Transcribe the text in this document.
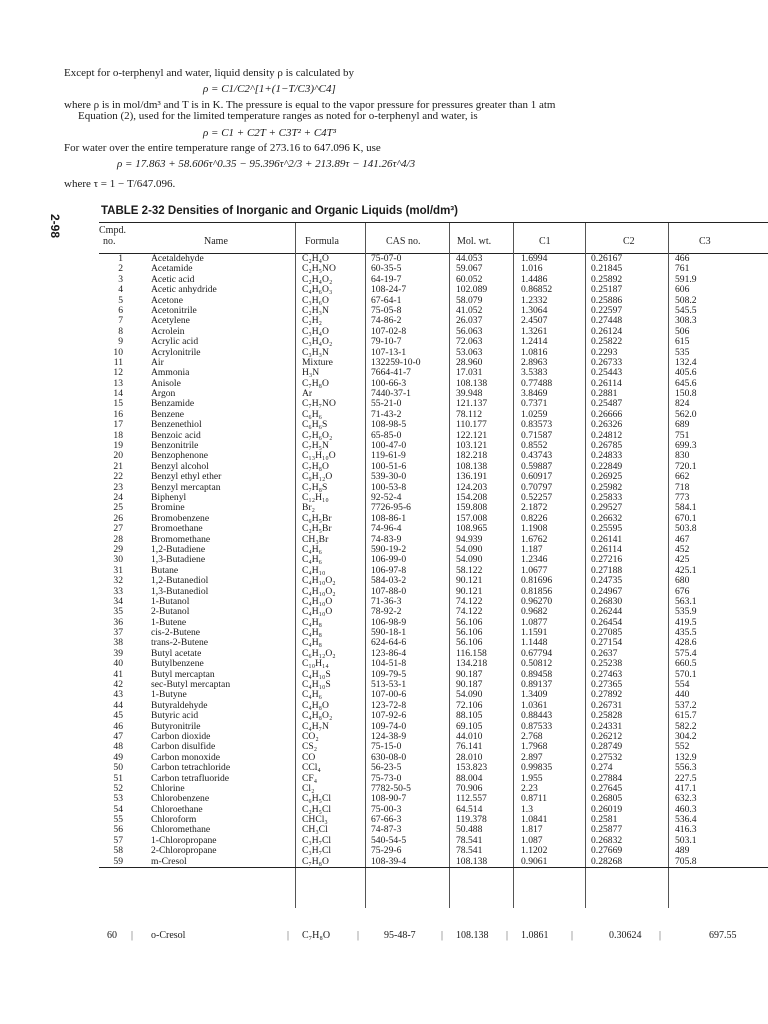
Except for o-terphenyl and water, liquid density ρ is calculated by
ρ = C1/C2^[1+(1−T/C3)^C4]
where ρ is in mol/dm³ and T is in K. The pressure is equal to the vapor pressure for pressures greater than 1 atm
Equation (2), used for the limited temperature ranges as noted for o-terphenyl and water, is
ρ = C1 + C2T + C3T² + C4T³
For water over the entire temperature range of 273.16 to 647.096 K, use
ρ = 17.863 + 58.606τ^0.35 − 95.396τ^2/3 + 213.89τ − 141.26τ^4/3
where τ = 1 − T/647.096.
2-98
TABLE 2-32 Densities of Inorganic and Organic Liquids (mol/dm³)
Cmpd.
no.	Name	Formula	CAS no.	Mol. wt.	C1	C2	C3
1	Acetaldehyde	C₂H₄O	75-07-0	44.053	1.6994	0.26167	466
2	Acetamide	C₂H₅NO	60-35-5	59.067	1.016	0.21845	761
3	Acetic acid	C₂H₄O₂	64-19-7	60.052	1.4486	0.25892	591.9
4	Acetic anhydride	C₄H₆O₃	108-24-7	102.089	0.86852	0.25187	606
5	Acetone	C₃H₆O	67-64-1	58.079	1.2332	0.25886	508.2
6	Acetonitrile	C₂H₃N	75-05-8	41.052	1.3064	0.22597	545.5
7	Acetylene	C₂H₂	74-86-2	26.037	2.4507	0.27448	308.3
8	Acrolein	C₃H₄O	107-02-8	56.063	1.3261	0.26124	506
9	Acrylic acid	C₃H₄O₂	79-10-7	72.063	1.2414	0.25822	615
10	Acrylonitrile	C₃H₃N	107-13-1	53.063	1.0816	0.2293	535
11	Air	Mixture	132259-10-0	28.960	2.8963	0.26733	132.4
12	Ammonia	H₃N	7664-41-7	17.031	3.5383	0.25443	405.6
13	Anisole	C₇H₈O	100-66-3	108.138	0.77488	0.26114	645.6
14	Argon	Ar	7440-37-1	39.948	3.8469	0.2881	150.8
15	Benzamide	C₇H₇NO	55-21-0	121.137	0.7371	0.25487	824
16	Benzene	C₆H₆	71-43-2	78.112	1.0259	0.26666	562.0
17	Benzenethiol	C₆H₆S	108-98-5	110.177	0.83573	0.26326	689
18	Benzoic acid	C₇H₆O₂	65-85-0	122.121	0.71587	0.24812	751
19	Benzonitrile	C₇H₅N	100-47-0	103.121	0.8552	0.26785	699.3
20	Benzophenone	C₁₃H₁₀O	119-61-9	182.218	0.43743	0.24833	830
21	Benzyl alcohol	C₇H₈O	100-51-6	108.138	0.59887	0.22849	720.1
22	Benzyl ethyl ether	C₉H₁₂O	539-30-0	136.191	0.60917	0.26925	662
23	Benzyl mercaptan	C₇H₈S	100-53-8	124.203	0.70797	0.25982	718
24	Biphenyl	C₁₂H₁₀	92-52-4	154.208	0.52257	0.25833	773
25	Bromine	Br₂	7726-95-6	159.808	2.1872	0.29527	584.1
26	Bromobenzene	C₆H₅Br	108-86-1	157.008	0.8226	0.26632	670.1
27	Bromoethane	C₂H₅Br	74-96-4	108.965	1.1908	0.25595	503.8
28	Bromomethane	CH₃Br	74-83-9	94.939	1.6762	0.26141	467
29	1,2-Butadiene	C₄H₆	590-19-2	54.090	1.187	0.26114	452
30	1,3-Butadiene	C₄H₆	106-99-0	54.090	1.2346	0.27216	425
31	Butane	C₄H₁₀	106-97-8	58.122	1.0677	0.27188	425.1
32	1,2-Butanediol	C₄H₁₀O₂	584-03-2	90.121	0.81696	0.24735	680
33	1,3-Butanediol	C₄H₁₀O₂	107-88-0	90.121	0.81856	0.24967	676
34	1-Butanol	C₄H₁₀O	71-36-3	74.122	0.96270	0.26830	563.1
35	2-Butanol	C₄H₁₀O	78-92-2	74.122	0.9682	0.26244	535.9
36	1-Butene	C₄H₈	106-98-9	56.106	1.0877	0.26454	419.5
37	cis-2-Butene	C₄H₈	590-18-1	56.106	1.1591	0.27085	435.5
38	trans-2-Butene	C₄H₈	624-64-6	56.106	1.1448	0.27154	428.6
39	Butyl acetate	C₆H₁₂O₂	123-86-4	116.158	0.67794	0.2637	575.4
40	Butylbenzene	C₁₀H₁₄	104-51-8	134.218	0.50812	0.25238	660.5
41	Butyl mercaptan	C₄H₁₀S	109-79-5	90.187	0.89458	0.27463	570.1
42	sec-Butyl mercaptan	C₄H₁₀S	513-53-1	90.187	0.89137	0.27365	554
43	1-Butyne	C₄H₆	107-00-6	54.090	1.3409	0.27892	440
44	Butyraldehyde	C₄H₈O	123-72-8	72.106	1.0361	0.26731	537.2
45	Butyric acid	C₄H₈O₂	107-92-6	88.105	0.88443	0.25828	615.7
46	Butyronitrile	C₄H₇N	109-74-0	69.105	0.87533	0.24331	582.2
47	Carbon dioxide	CO₂	124-38-9	44.010	2.768	0.26212	304.2
48	Carbon disulfide	CS₂	75-15-0	76.141	1.7968	0.28749	552
49	Carbon monoxide	CO	630-08-0	28.010	2.897	0.27532	132.9
50	Carbon tetrachloride	CCl₄	56-23-5	153.823	0.99835	0.274	556.3
51	Carbon tetrafluoride	CF₄	75-73-0	88.004	1.955	0.27884	227.5
52	Chlorine	Cl₂	7782-50-5	70.906	2.23	0.27645	417.1
53	Chlorobenzene	C₆H₅Cl	108-90-7	112.557	0.8711	0.26805	632.3
54	Chloroethane	C₂H₅Cl	75-00-3	64.514	1.3	0.26019	460.3
55	Chloroform	CHCl₃	67-66-3	119.378	1.0841	0.2581	536.4
56	Chloromethane	CH₃Cl	74-87-3	50.488	1.817	0.25877	416.3
57	1-Chloropropane	C₃H₇Cl	540-54-5	78.541	1.087	0.26832	503.1
58	2-Chloropropane	C₃H₇Cl	75-29-6	78.541	1.1202	0.27669	489
59	m-Cresol	C₇H₈O	108-39-4	108.138	0.9061	0.28268	705.8
60 | o-Cresol	| C₇H₈O	| 95-48-7	| 108.138 | 1.0861 |	0.30624 |	697.55
